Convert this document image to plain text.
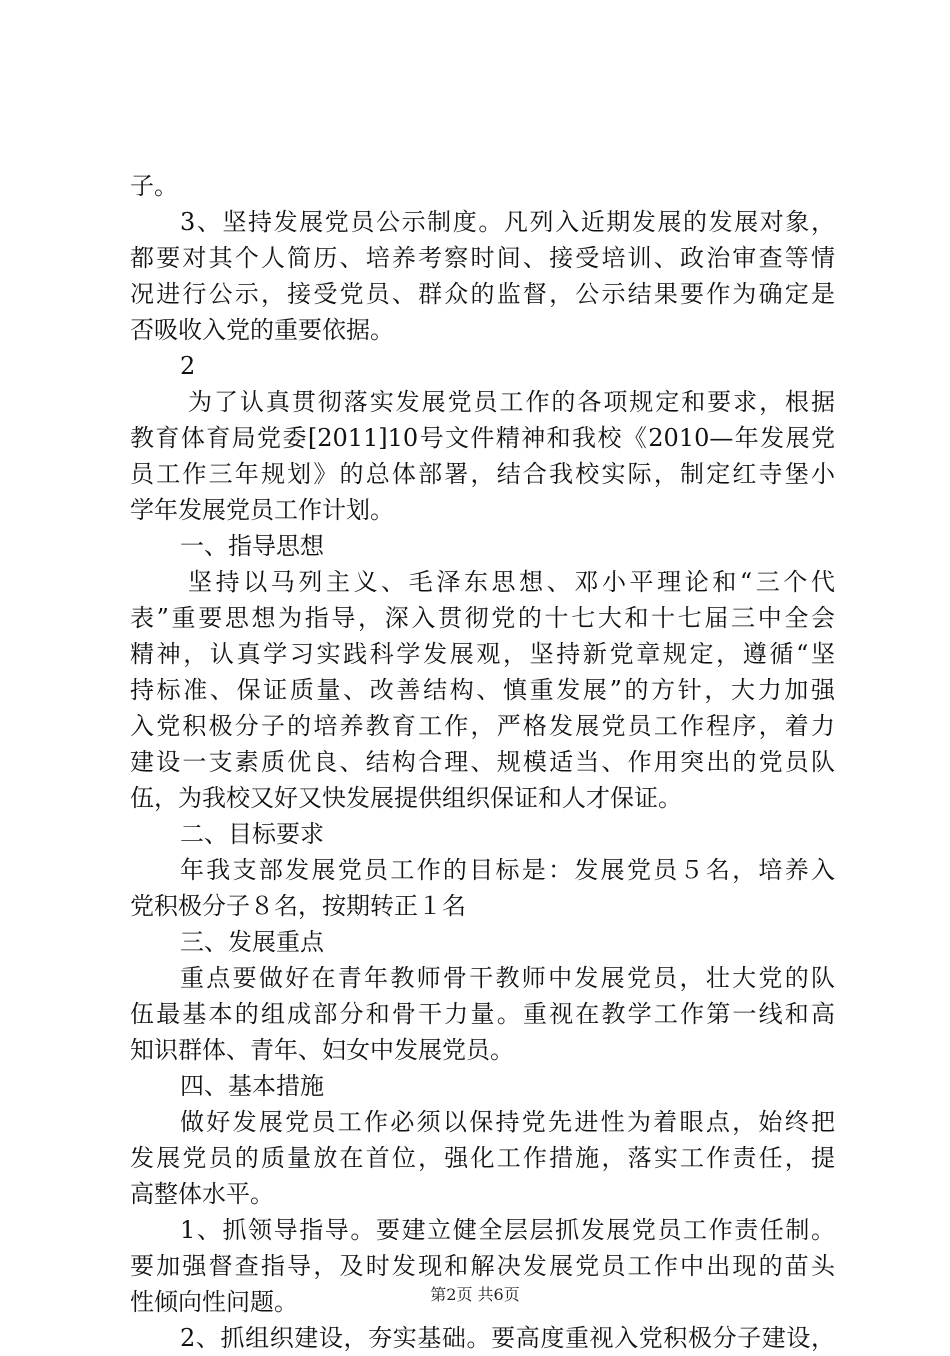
子。
3、坚持发展党员公示制度。凡列入近期发展的发展对象，
都要对其个人简历、培养考察时间、接受培训、政治审查等情
况进行公示，接受党员、群众的监督，公示结果要作为确定是
否吸收入党的重要依据。
2
为了认真贯彻落实发展党员工作的各项规定和要求，根据
教育体育局党委[2011]10号文件精神和我校《2010—年发展党
员工作三年规划》的总体部署，结合我校实际，制定红寺堡小
学年发展党员工作计划。
一、指导思想
坚持以马列主义、毛泽东思想、邓小平理论和“三个代
表”重要思想为指导，深入贯彻党的十七大和十七届三中全会
精神，认真学习实践科学发展观，坚持新党章规定，遵循“坚
持标准、保证质量、改善结构、慎重发展”的方针，大力加强
入党积极分子的培养教育工作，严格发展党员工作程序，着力
建设一支素质优良、结构合理、规模适当、作用突出的党员队
伍，为我校又好又快发展提供组织保证和人才保证。
二、目标要求
年我支部发展党员工作的目标是：发展党员５名，培养入
党积极分子８名，按期转正１名
三、发展重点
重点要做好在青年教师骨干教师中发展党员，壮大党的队
伍最基本的组成部分和骨干力量。重视在教学工作第一线和高
知识群体、青年、妇女中发展党员。
四、基本措施
做好发展党员工作必须以保持党先进性为着眼点，始终把
发展党员的质量放在首位，强化工作措施，落实工作责任，提
高整体水平。
1、抓领导指导。要建立健全层层抓发展党员工作责任制。
要加强督查指导，及时发现和解决发展党员工作中出现的苗头
性倾向性问题。
2、抓组织建设，夯实基础。要高度重视入党积极分子建设，
第2页 共6页
